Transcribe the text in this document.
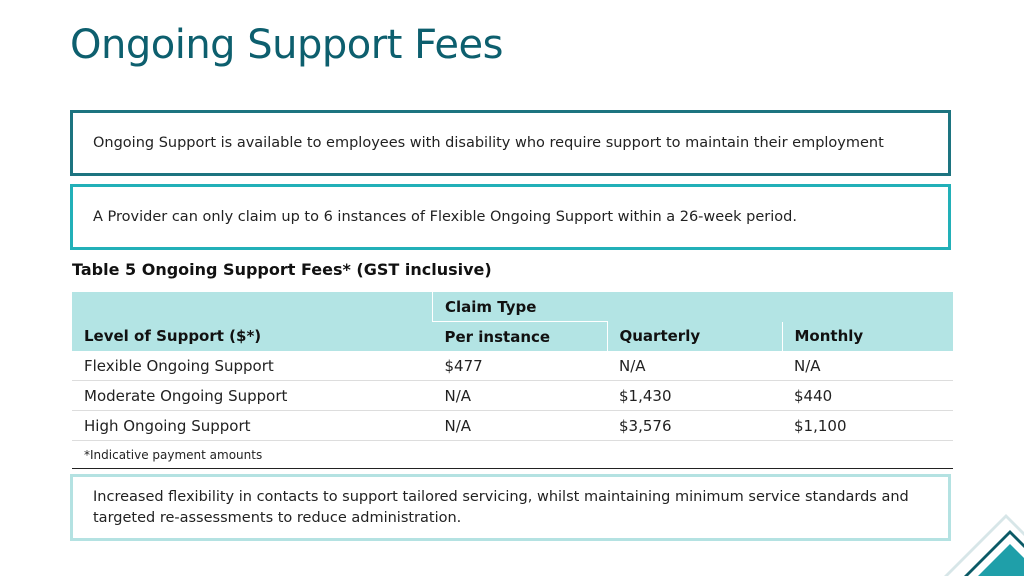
Ongoing Support Fees
Ongoing Support is available to employees with disability who require support to maintain their employment
A Provider can only claim up to 6 instances of Flexible Ongoing Support within a 26-week period.
Table 5 Ongoing Support Fees* (GST inclusive)
	Claim Type		
Level of Support ($*)	Per instance	Quarterly	Monthly
Flexible Ongoing Support	$477	N/A	N/A
Moderate Ongoing Support	N/A	$1,430	$440
High Ongoing Support	N/A	$3,576	$1,100
*Indicative payment amounts			
Increased flexibility in contacts to support tailored servicing, whilst maintaining minimum service standards and targeted re-assessments to reduce administration.
